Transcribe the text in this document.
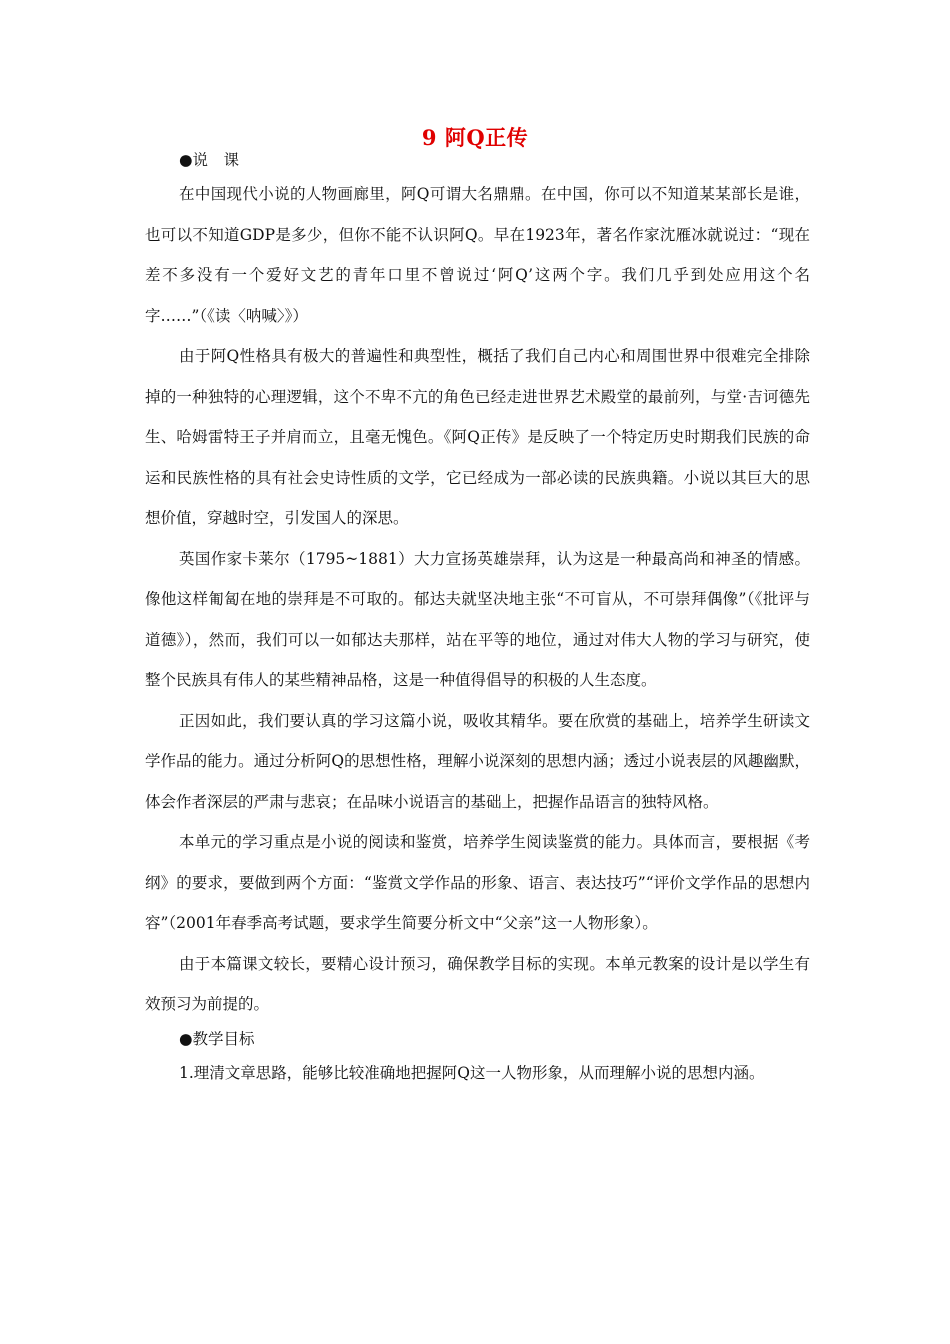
9 阿Q正传

●说　课

在中国现代小说的人物画廊里，阿Q可谓大名鼎鼎。在中国，你可以不知道某某部长是谁，也可以不知道GDP是多少，但你不能不认识阿Q。早在1923年，著名作家沈雁冰就说过：“现在差不多没有一个爱好文艺的青年口里不曾说过‘阿Q’这两个字。我们几乎到处应用这个名字……”（《读〈呐喊〉》）

由于阿Q性格具有极大的普遍性和典型性，概括了我们自己内心和周围世界中很难完全排除掉的一种独特的心理逻辑，这个不卑不亢的角色已经走进世界艺术殿堂的最前列，与堂·吉诃德先生、哈姆雷特王子并肩而立，且毫无愧色。《阿Q正传》是反映了一个特定历史时期我们民族的命运和民族性格的具有社会史诗性质的文学，它已经成为一部必读的民族典籍。小说以其巨大的思想价值，穿越时空，引发国人的深思。

英国作家卡莱尔（1795~1881）大力宣扬英雄崇拜，认为这是一种最高尚和神圣的情感。像他这样匍匐在地的崇拜是不可取的。郁达夫就坚决地主张“不可盲从，不可崇拜偶像”（《批评与道德》），然而，我们可以一如郁达夫那样，站在平等的地位，通过对伟大人物的学习与研究，使整个民族具有伟人的某些精神品格，这是一种值得倡导的积极的人生态度。

正因如此，我们要认真的学习这篇小说，吸收其精华。要在欣赏的基础上，培养学生研读文学作品的能力。通过分析阿Q的思想性格，理解小说深刻的思想内涵；透过小说表层的风趣幽默，体会作者深层的严肃与悲哀；在品味小说语言的基础上，把握作品语言的独特风格。

本单元的学习重点是小说的阅读和鉴赏，培养学生阅读鉴赏的能力。具体而言，要根据《考纲》的要求，要做到两个方面：“鉴赏文学作品的形象、语言、表达技巧”“评价文学作品的思想内容”（2001年春季高考试题，要求学生简要分析文中“父亲”这一人物形象）。

由于本篇课文较长，要精心设计预习，确保教学目标的实现。本单元教案的设计是以学生有效预习为前提的。

●教学目标

1.理清文章思路，能够比较准确地把握阿Q这一人物形象，从而理解小说的思想内涵。
